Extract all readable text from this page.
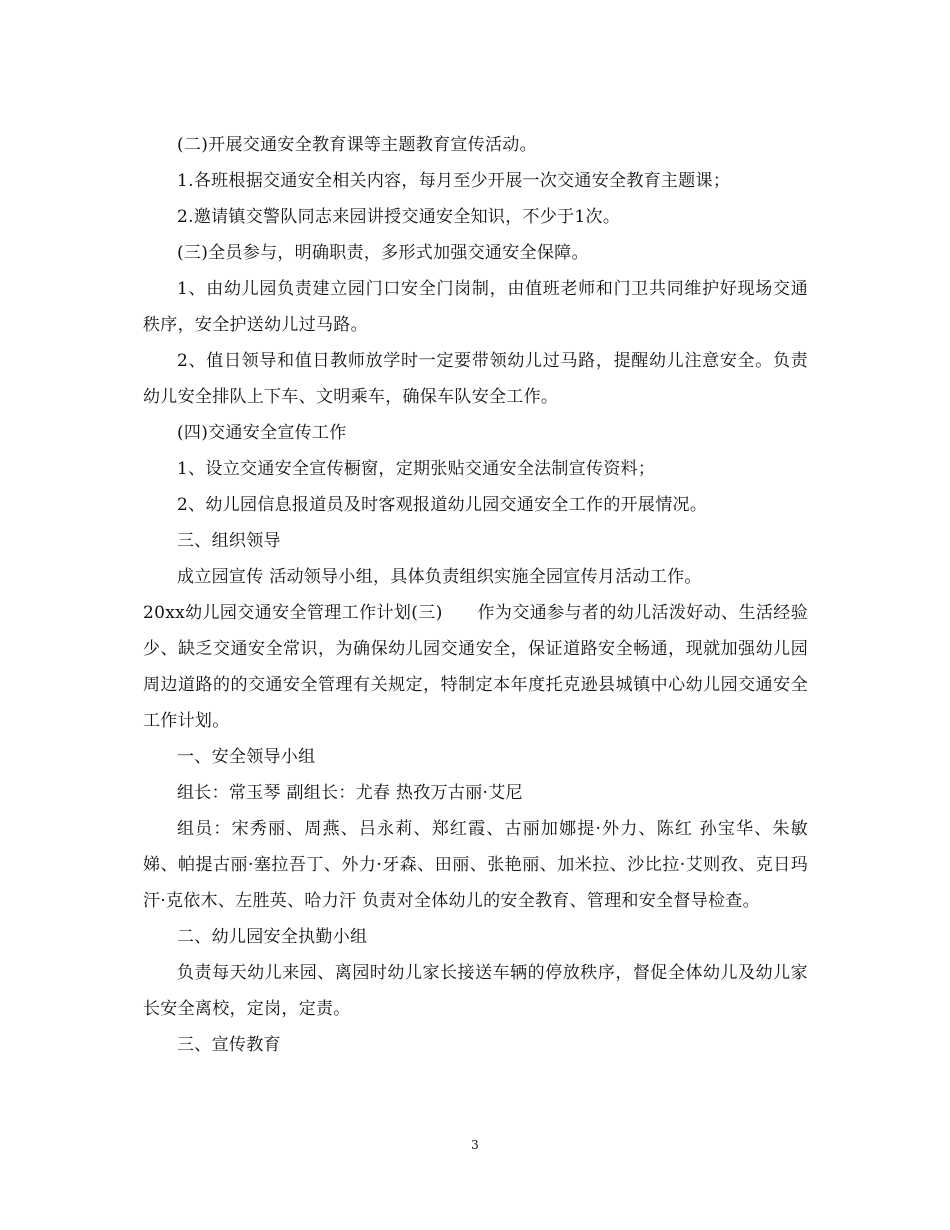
(二)开展交通安全教育课等主题教育宣传活动。

1.各班根据交通安全相关内容，每月至少开展一次交通安全教育主题课；

2.邀请镇交警队同志来园讲授交通安全知识，不少于1次。

(三)全员参与，明确职责，多形式加强交通安全保障。

1、由幼儿园负责建立园门口安全门岗制，由值班老师和门卫共同维护好现场交通秩序，安全护送幼儿过马路。

2、值日领导和值日教师放学时一定要带领幼儿过马路，提醒幼儿注意安全。负责幼儿安全排队上下车、文明乘车，确保车队安全工作。

(四)交通安全宣传工作

1、设立交通安全宣传橱窗，定期张贴交通安全法制宣传资料；

2、幼儿园信息报道员及时客观报道幼儿园交通安全工作的开展情况。

三、组织领导

成立园宣传 活动领导小组，具体负责组织实施全园宣传月活动工作。

20xx幼儿园交通安全管理工作计划(三)　　作为交通参与者的幼儿活泼好动、生活经验少、缺乏交通安全常识，为确保幼儿园交通安全，保证道路安全畅通，现就加强幼儿园周边道路的的交通安全管理有关规定，特制定本年度托克逊县城镇中心幼儿园交通安全工作计划。

一、安全领导小组

组长：常玉琴 副组长：尤春 热孜万古丽·艾尼

组员：宋秀丽、周燕、吕永莉、郑红霞、古丽加娜提·外力、陈红 孙宝华、朱敏娣、帕提古丽·塞拉吾丁、外力·牙森、田丽、张艳丽、加米拉、沙比拉·艾则孜、克日玛汗·克依木、左胜英、哈力汗 负责对全体幼儿的安全教育、管理和安全督导检查。

二、幼儿园安全执勤小组

负责每天幼儿来园、离园时幼儿家长接送车辆的停放秩序，督促全体幼儿及幼儿家长安全离校，定岗，定责。

三、宣传教育

3
